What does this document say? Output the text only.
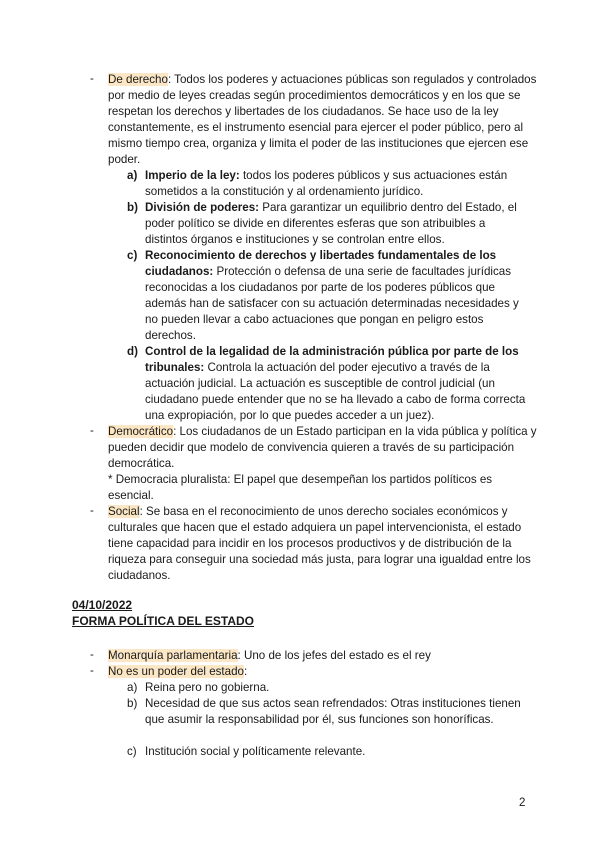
- De derecho: Todos los poderes y actuaciones públicas son regulados y controlados por medio de leyes creadas según procedimientos democráticos y en los que se respetan los derechos y libertades de los ciudadanos. Se hace uso de la ley constantemente, es el instrumento esencial para ejercer el poder público, pero al mismo tiempo crea, organiza y limita el poder de las instituciones que ejercen ese poder.

a) Imperio de la ley: todos los poderes públicos y sus actuaciones están sometidos a la constitución y al ordenamiento jurídico.
b) División de poderes: Para garantizar un equilibrio dentro del Estado, el poder político se divide en diferentes esferas que son atribuibles a distintos órganos e instituciones y se controlan entre ellos.
c) Reconocimiento de derechos y libertades fundamentales de los ciudadanos: Protección o defensa de una serie de facultades jurídicas reconocidas a los ciudadanos por parte de los poderes públicos que además han de satisfacer con su actuación determinadas necesidades y no pueden llevar a cabo actuaciones que pongan en peligro estos derechos.
d) Control de la legalidad de la administración pública por parte de los tribunales: Controla la actuación del poder ejecutivo a través de la actuación judicial. La actuación es susceptible de control judicial (un ciudadano puede entender que no se ha llevado a cabo de forma correcta una expropiación, por lo que puedes acceder a un juez).
- Democrático: Los ciudadanos de un Estado participan en la vida pública y política y pueden decidir que modelo de convivencia quieren a través de su participación democrática.

* Democracia pluralista: El papel que desempeñan los partidos políticos es esencial.

- Social: Se basa en el reconocimiento de unos derecho sociales económicos y culturales que hacen que el estado adquiera un papel intervencionista, el estado tiene capacidad para incidir en los procesos productivos y de distribución de la riqueza para conseguir una sociedad más justa, para lograr una igualdad entre los ciudadanos.

04/10/2022
FORMA POLÍTICA DEL ESTADO
- Monarquía parlamentaria: Uno de los jefes del estado es el rey

- No es un poder del estado:

a) Reina pero no gobierna.
b) Necesidad de que sus actos sean refrendados: Otras instituciones tienen que asumir la responsabilidad por él, sus funciones son honoríficas.
c) Institución social y políticamente relevante.
2
